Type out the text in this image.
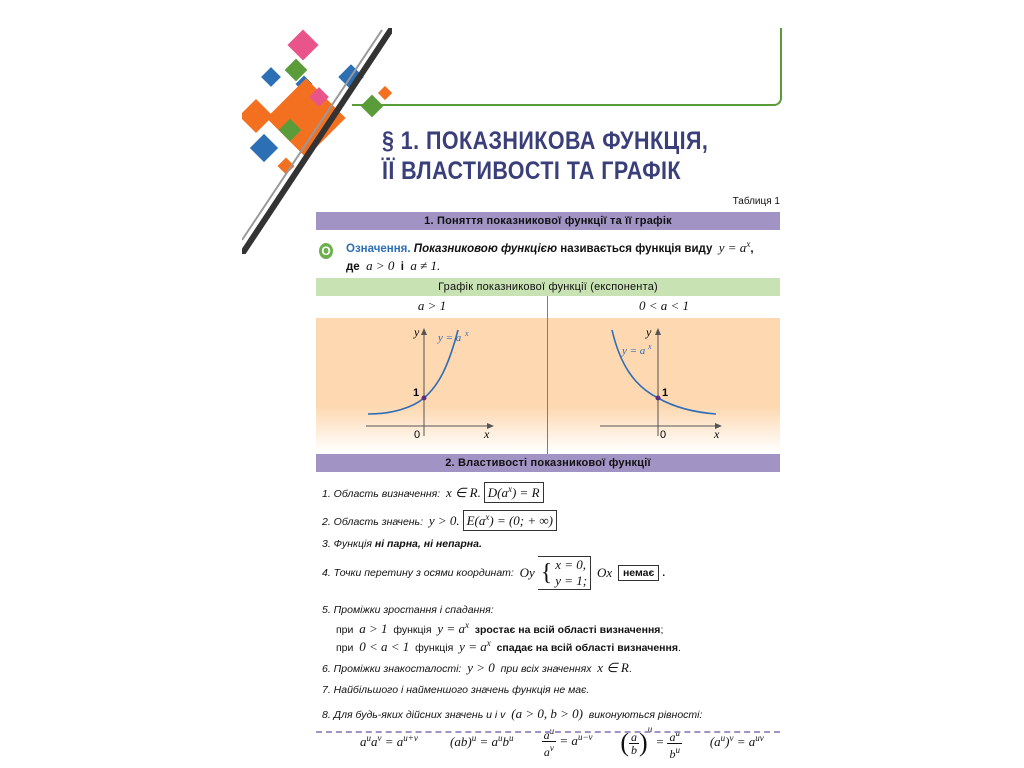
§ 1. ПОКАЗНИКОВА ФУНКЦІЯ,
ЇЇ ВЛАСТИВОСТІ ТА ГРАФІК
Таблиця 1
1. Поняття показникової функції та її графік
О Означення. Показниковою функцією називається функція виду $y = a^x$,
де a > 0 і a ≠ 1.
Графік показникової функції (експонента)
a > 1	0 < a < 1
y
x
0
1
y = a x	y
x
0
1
y = a x
2. Властивості показникової функції
1. Область визначення: x ∈ R. $D(a^x) = R$
2. Область значень: y > 0. $E(a^x) = (0$; + ∞)
3. Функція ні парна, ні непарна.
4. Точки перетину з осями координат: Oy { x = 0,
y = 1;
Ox немає .
5. Проміжки зростання і спадання:
при a > 1 функція y = ax зростає на всій області визначення;
при 0 < a < 1 функція y = ax спадає на всій області визначення.
6. Проміжки знакосталості: y > 0 при всіх значеннях x ∈ R.
7. Найбільшого і найменшого значень функція не має.
8. Для будь-яких дійсних значень u і v (a > 0, b > 0) виконуються рівності:
$a^ua^v = a^{u+v}$ $(ab)^u = a^ub^u \frac{a^u}{a^v} = au-v$ ( $\frac{a}{b} )u = \frac{a^u}{b^u} (a^u)^v = a^{uv}$
